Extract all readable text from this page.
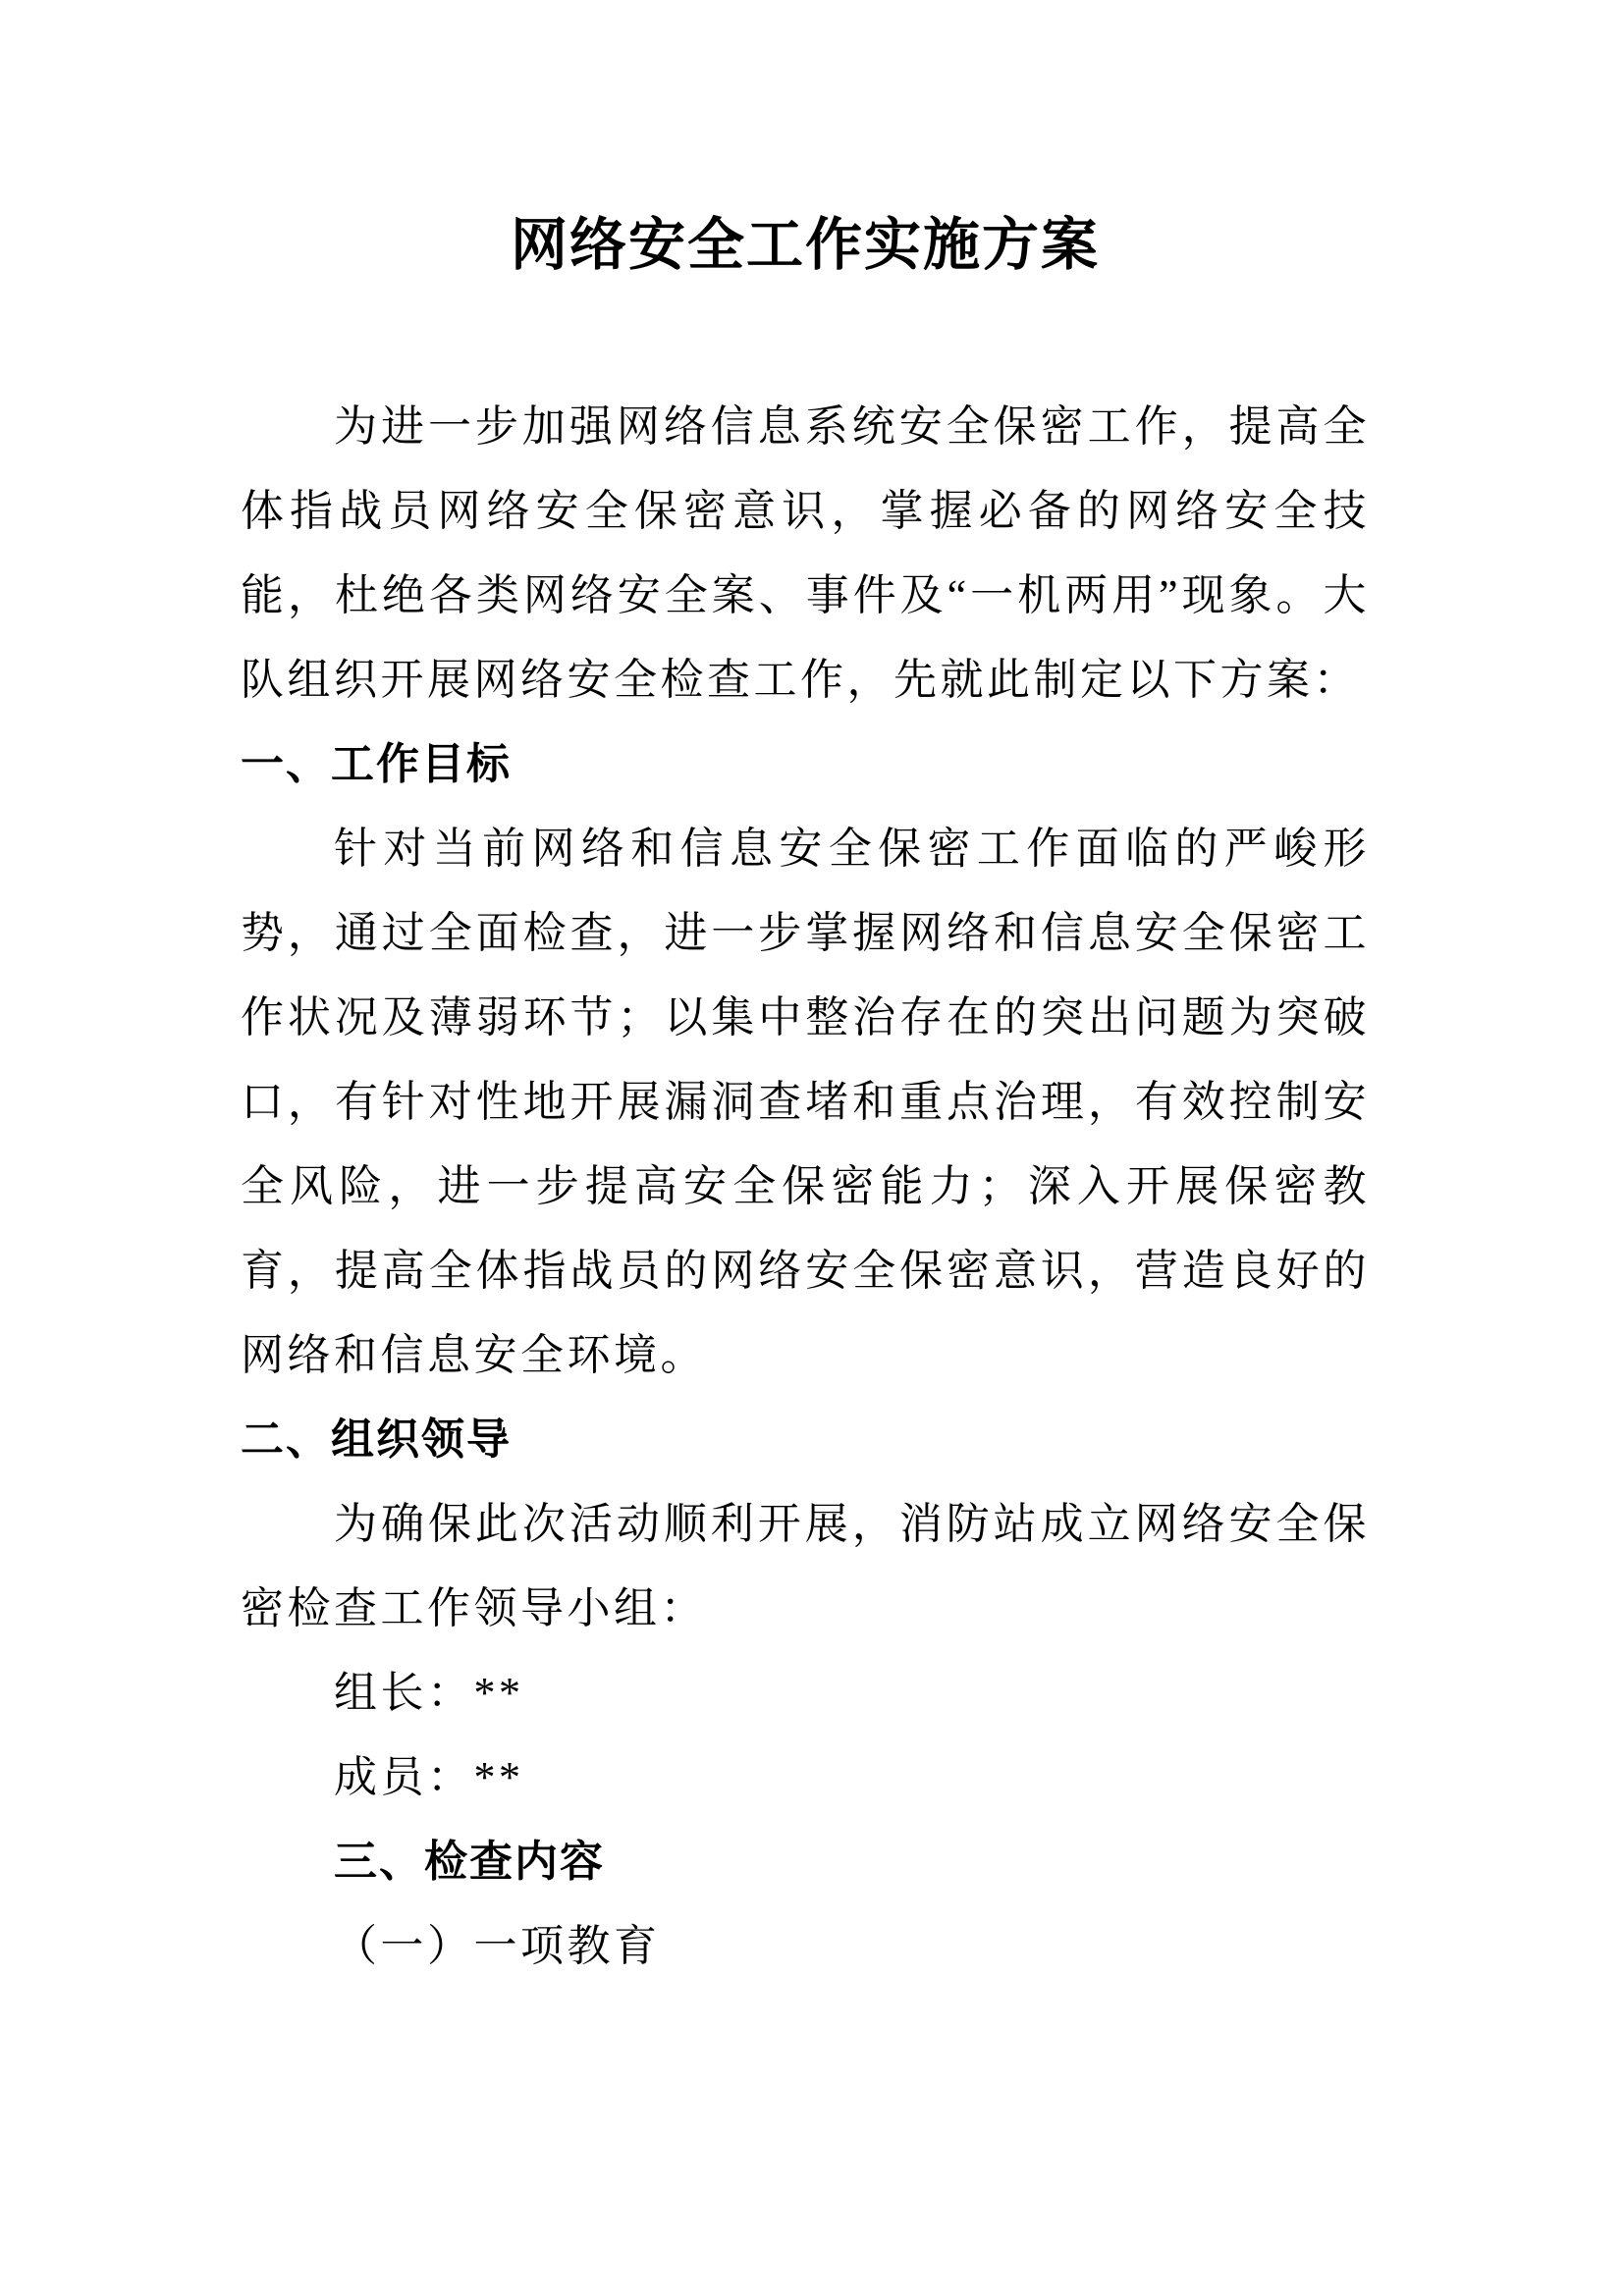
网络安全工作实施方案

为进一步加强网络信息系统安全保密工作，提高全体指战员网络安全保密意识，掌握必备的网络安全技能，杜绝各类网络安全案、事件及“一机两用”现象。大队组织开展网络安全检查工作，先就此制定以下方案：

一、工作目标

针对当前网络和信息安全保密工作面临的严峻形势，通过全面检查，进一步掌握网络和信息安全保密工作状况及薄弱环节；以集中整治存在的突出问题为突破口，有针对性地开展漏洞查堵和重点治理，有效控制安全风险，进一步提高安全保密能力；深入开展保密教育，提高全体指战员的网络安全保密意识，营造良好的网络和信息安全环境。

二、组织领导

为确保此次活动顺利开展，消防站成立网络安全保密检查工作领导小组：

组长：**

成员：**

三、检查内容

（一）一项教育
